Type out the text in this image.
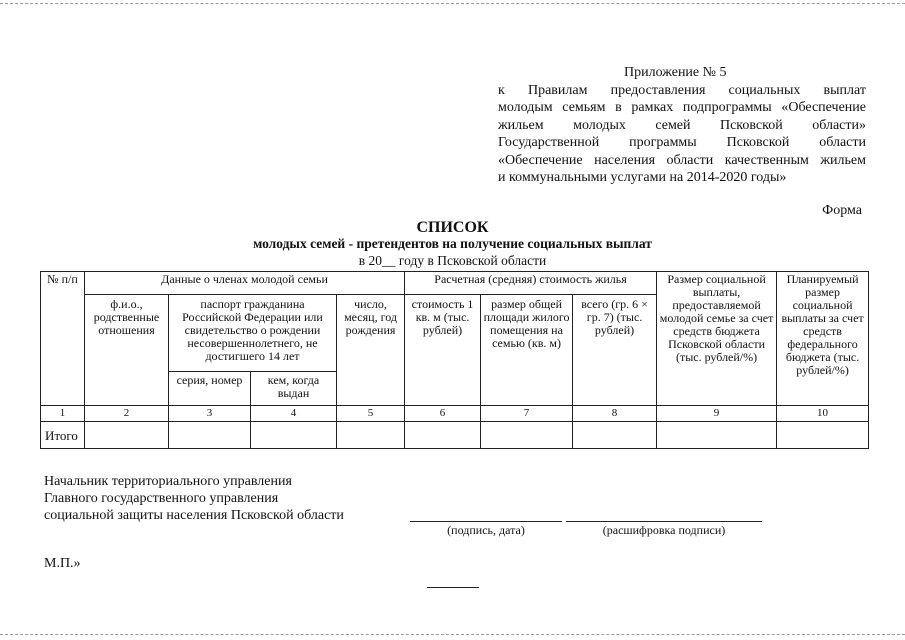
Приложение № 5
к Правилам предоставления социальных выплат
молодым семьям в рамках подпрограммы «Обеспечение
жильем молодых семей Псковской области»
Государственной программы Псковской области
«Обеспечение населения области качественным жильем
и коммунальными услугами на 2014-2020 годы»
Форма
СПИСОК
молодых семей - претендентов на получение социальных выплат
в 20__ году в Псковской области
№ п/п	Данные о членах молодой семьи				Расчетная (средняя) стоимость жилья			Размер социальной выплаты, предоставляемой молодой семье за счет средств бюджета Псковской области (тыс. рублей/%)	Планируемый размер социальной выплаты за счет средств федерального бюджета (тыс. рублей/%)
	ф.и.о., родственные отношения	паспорт гражданина Российской Федерации или свидетельство о рождении несовершеннолетнего, не достигшего 14 лет		число, месяц, год рождения	стоимость 1 кв. м (тыс. рублей)	размер общей площади жилого помещения на семью (кв. м)	всего (гр. 6 × гр. 7) (тыс. рублей)		
		серия, номер	кем, когда выдан						
1	2	3	4	5	6	7	8	9	10
Итого									
Начальник территориального управления
Главного государственного управления
социальной защиты населения Псковской области
(подпись, дата)	(расшифровка подписи)
М.П.»
